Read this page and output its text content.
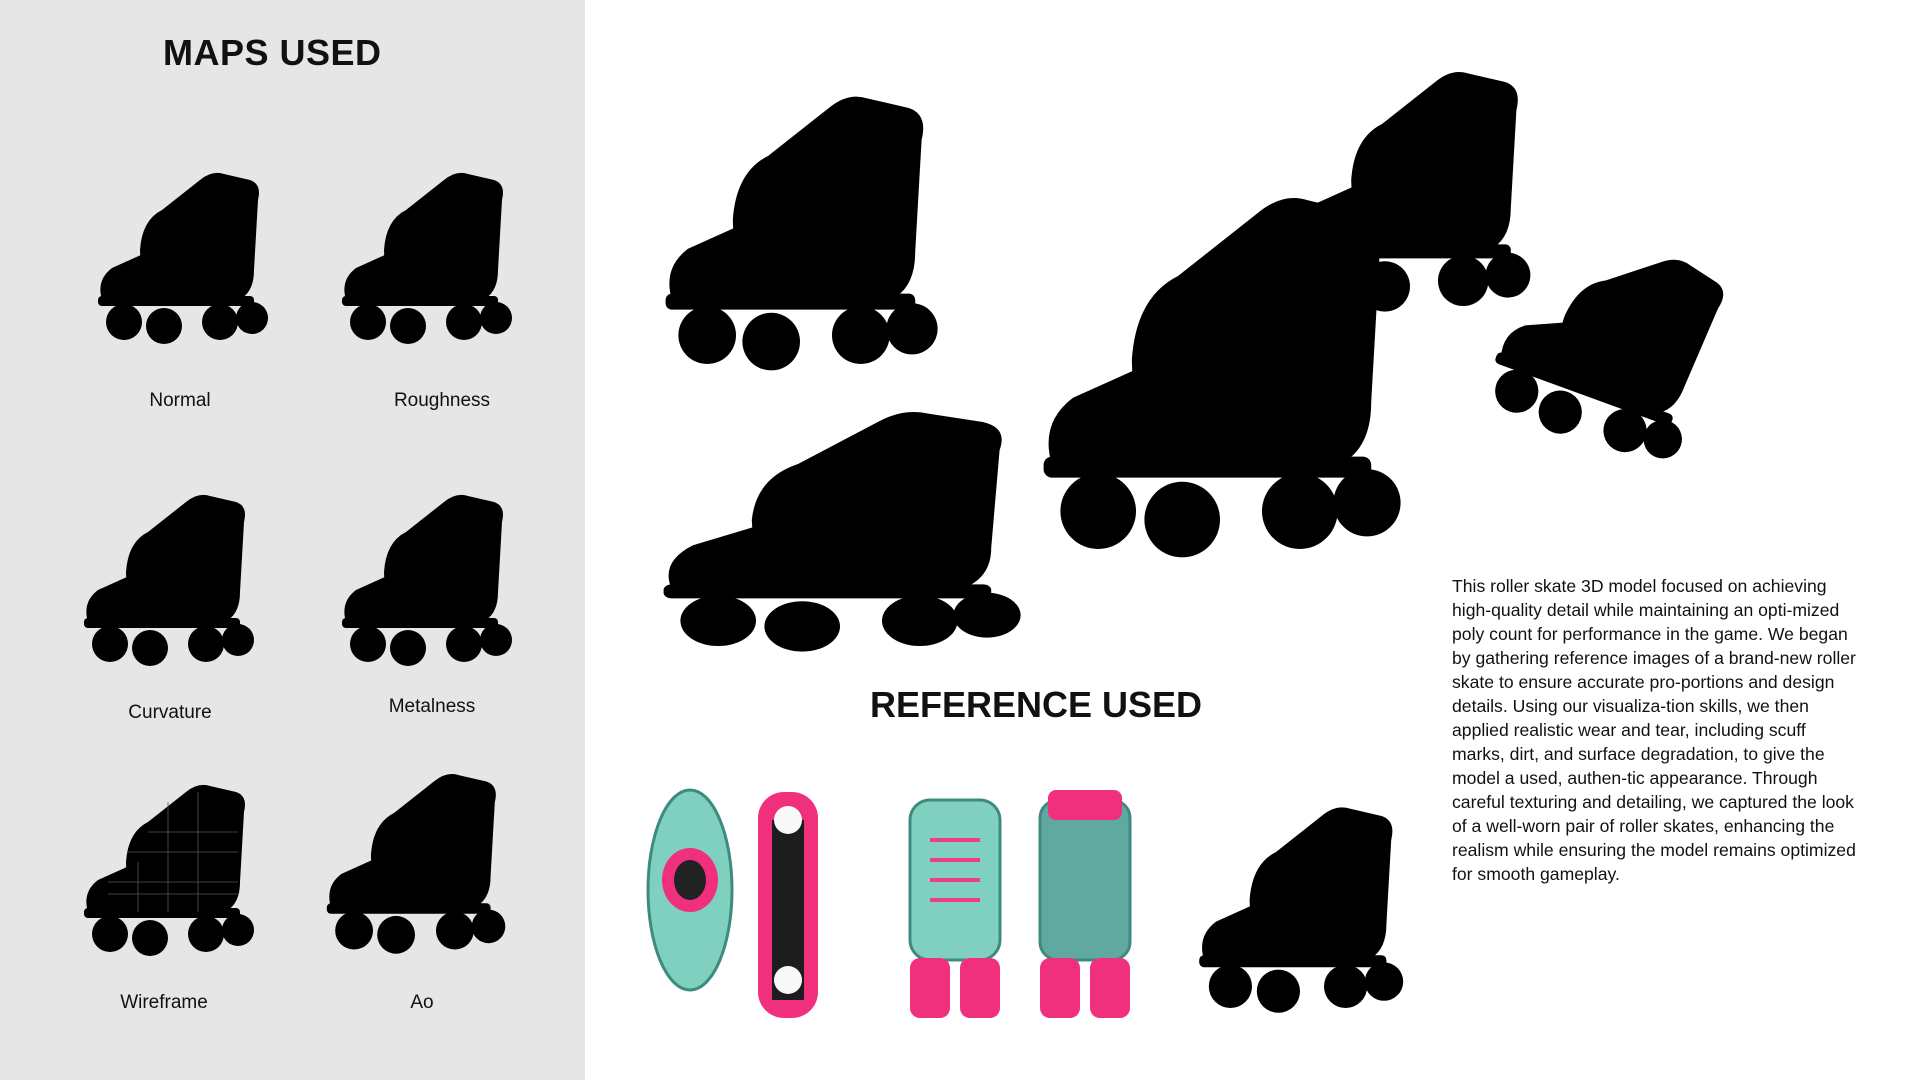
MAPS USED
Normal	Roughness
Curvature	Metalness
Wireframe	Ao
REFERENCE USED

This roller skate 3D model focused on achieving high-quality detail while maintaining an opti-mized poly count for performance in the game. We began by gathering reference images of a brand-new roller skate to ensure accurate pro-portions and design details. Using our visualiza-tion skills, we then applied realistic wear and tear, including scuff marks, dirt, and surface degradation, to give the model a used, authen-tic appearance. Through careful texturing and detailing, we captured the look of a well-worn pair of roller skates, enhancing the realism while ensuring the model remains optimized for smooth gameplay.
